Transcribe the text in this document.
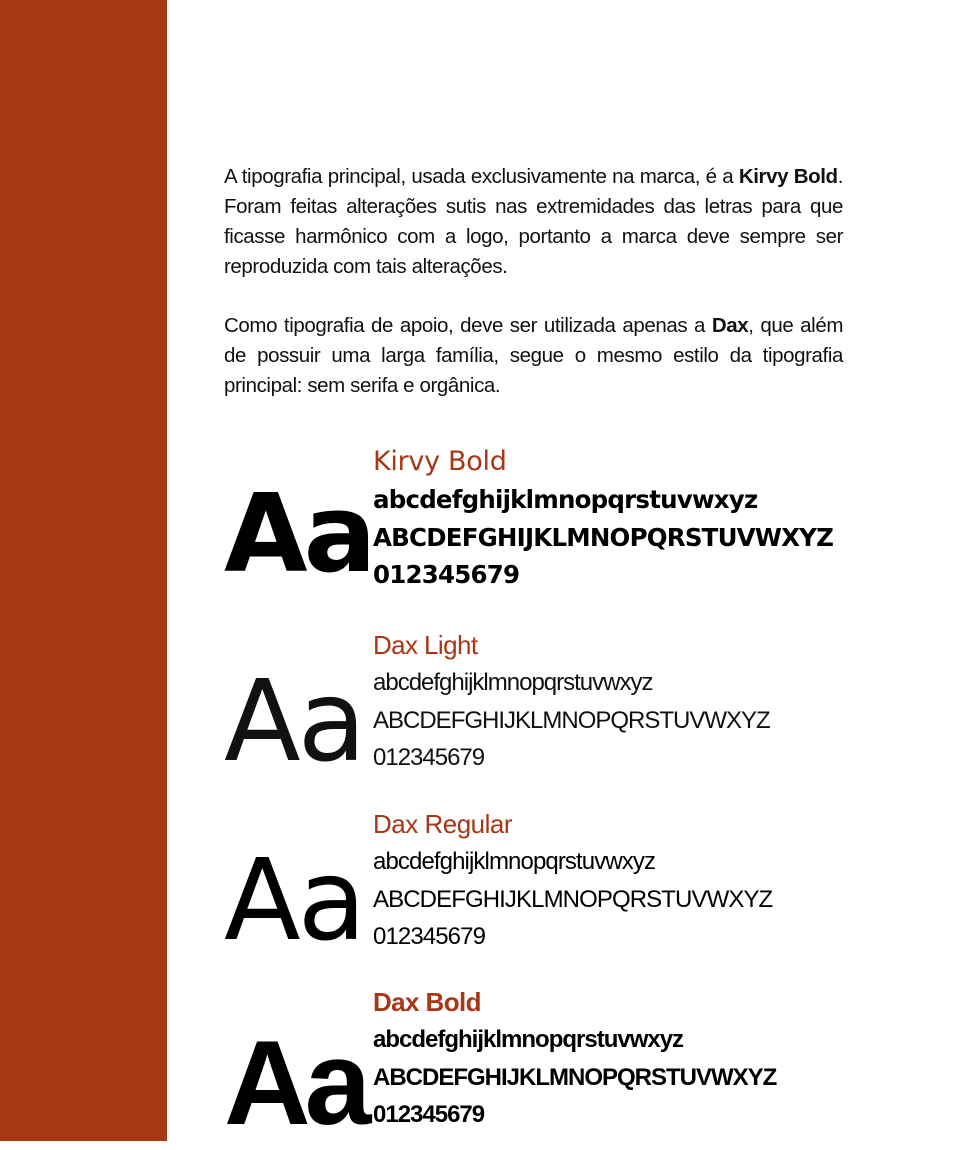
A tipografia principal, usada exclusivamente na marca, é a Kirvy Bold. Foram feitas alterações sutis nas extremidades das letras para que ficasse harmônico com a logo, portanto a marca deve sempre ser reproduzida com tais alterações.

Como tipografia de apoio, deve ser utilizada apenas a Dax, que além de possuir uma larga família, segue o mesmo estilo da tipografia principal: sem serifa e orgânica.

Aa
Kirvy Bold
abcdefghijklmnopqrstuvwxyz
ABCDEFGHIJKLMNOPQRSTUVWXYZ
012345679
Aa
Dax Light
abcdefghijklmnopqrstuvwxyz
ABCDEFGHIJKLMNOPQRSTUVWXYZ
012345679
Aa
Dax Regular
abcdefghijklmnopqrstuvwxyz
ABCDEFGHIJKLMNOPQRSTUVWXYZ
012345679
Aa
Dax Bold
abcdefghijklmnopqrstuvwxyz
ABCDEFGHIJKLMNOPQRSTUVWXYZ
012345679
